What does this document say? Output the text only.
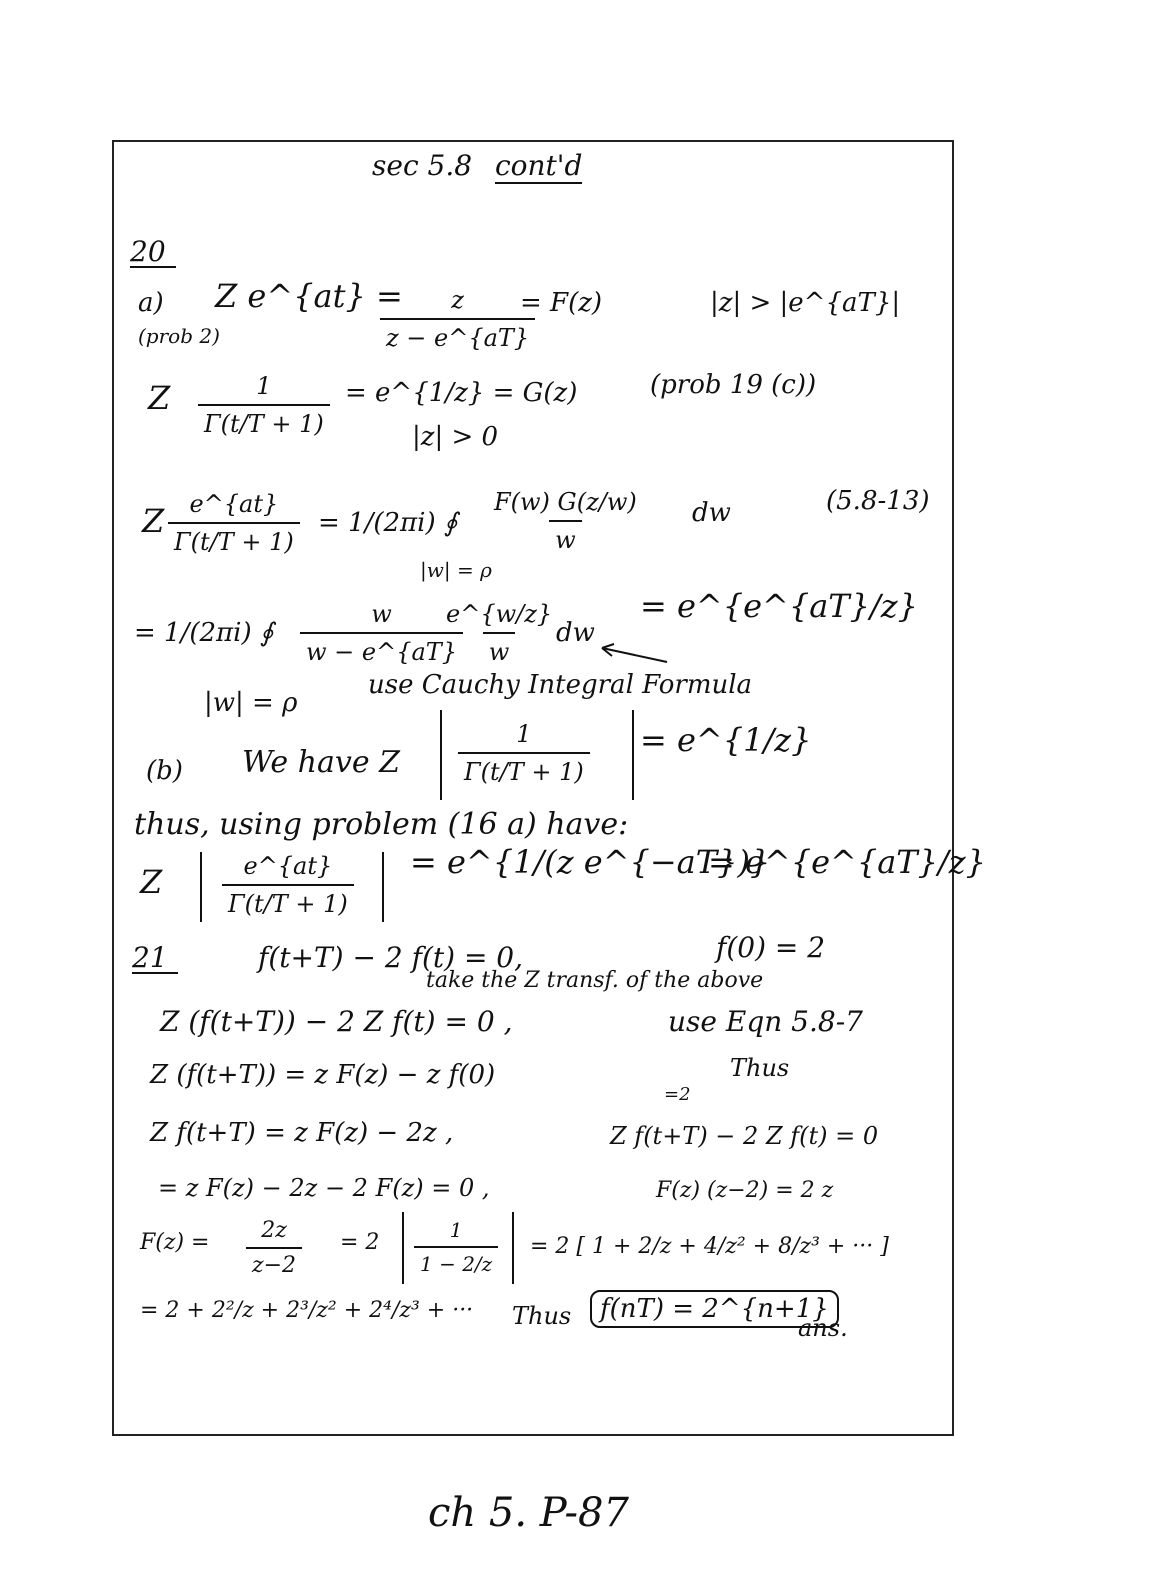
sec 5.8 cont'd
20
a)
(prob 2)
Z e^{at} =
$\frac{z}{z - e\^{}\{aT\}}$
= F(z)	|z| > |e^{aT}|
Z $\frac{1}{\Gamma(t/T + 1)}$ = e^{1/z} = G(z)	(prob 19 (c))
|z| > 0
Z $\frac{e\^{}\{at\}}{\Gamma(t/T + 1)} = 1/(2\pi i)$ ∮ $\frac{F(w) G(z/w)}{w}$ dw	(5.8-13)
|w| = ρ
= 1/(2πi) ∮ $\frac{w}{w - e\^{}\{aT\}}$
$\frac{e\^{}\{w/z\}}{w}$
dw
= e^{e^{aT}/z}
|w| = ρ
use Cauchy Integral Formula
(b) We have Z $\frac{1}{\Gamma(t/T + 1)}$ = e^{1/z}
thus, using problem (16 a) have:
Z $\frac{e\^{}\{at\}}{\Gamma(t/T + 1)}$ = e^{1/(z e^{−aT})}
= e^{e^{aT}/z}
21	f(t+T) − 2 f(t) = 0,	f(0) = 2
take the Z transf. of the above
Z (f(t+T)) − 2 Z f(t) = 0 ,	use Eqn 5.8-7
Z (f(t+T)) = z F(z) − z f(0)
=2
Thus
Z f(t+T) = z F(z) − 2z ,	Z f(t+T) − 2 Z f(t) = 0
= z F(z) − 2z − 2 F(z) = 0 ,	F(z) (z−2) = 2 z
$F(z) = \frac{2z}{z-2} = 2 \frac{1}{1 - 2/z} = 2$ [ 1 + 2/z + 4/z² + 8/z³ + ··· ]
= 2 + 2²/z + 2³/z² + 2⁴/z³ + ··· Thus	f(nT) = 2^{n+1}
ans.
ch 5. P-87
